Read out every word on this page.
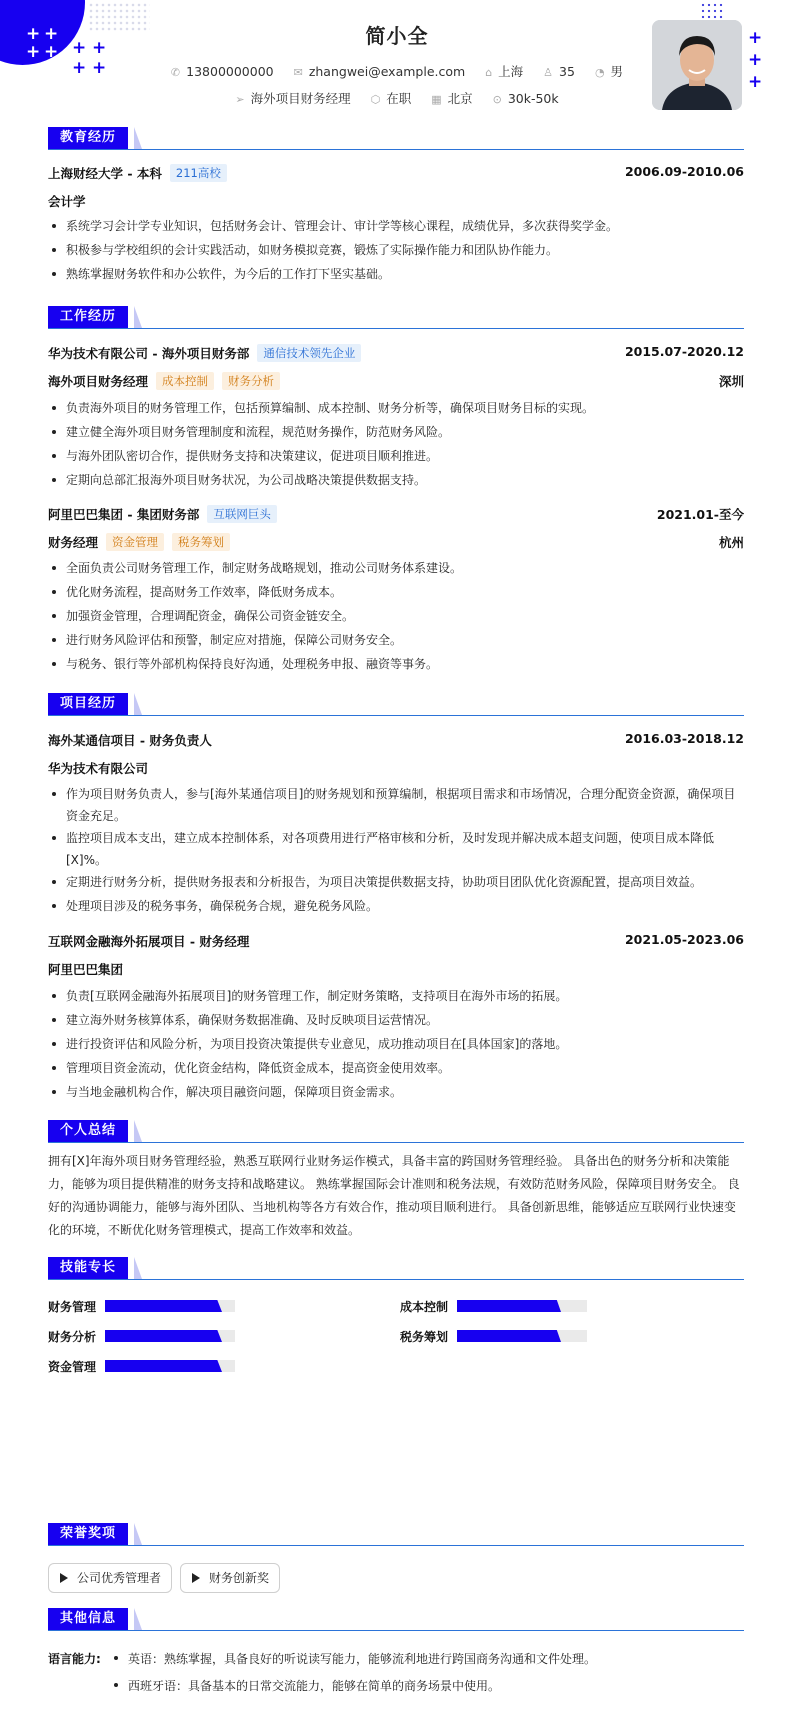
+ +
+ + + +
+ +
+
+
+
简小全
✆ 13800000000 ✉ zhangwei@example.com ⌂ 上海 ♙ 35 ◔ 男
➢ 海外项目财务经理 ⬡ 在职 ▦ 北京 ⊙ 30k-50k
教育经历
上海财经大学 - 本科 211高校	2006.09-2010.06
会计学
系统学习会计学专业知识，包括财务会计、管理会计、审计学等核心课程，成绩优异，多次获得奖学金。
积极参与学校组织的会计实践活动，如财务模拟竞赛，锻炼了实际操作能力和团队协作能力。
熟练掌握财务软件和办公软件，为今后的工作打下坚实基础。
工作经历
华为技术有限公司 - 海外项目财务部 通信技术领先企业	2015.07-2020.12
海外项目财务经理 成本控制 财务分析	深圳
负责海外项目的财务管理工作，包括预算编制、成本控制、财务分析等，确保项目财务目标的实现。
建立健全海外项目财务管理制度和流程，规范财务操作，防范财务风险。
与海外团队密切合作，提供财务支持和决策建议，促进项目顺利推进。
定期向总部汇报海外项目财务状况，为公司战略决策提供数据支持。
阿里巴巴集团 - 集团财务部 互联网巨头	2021.01-至今
财务经理 资金管理 税务筹划	杭州
全面负责公司财务管理工作，制定财务战略规划，推动公司财务体系建设。
优化财务流程，提高财务工作效率，降低财务成本。
加强资金管理，合理调配资金，确保公司资金链安全。
进行财务风险评估和预警，制定应对措施，保障公司财务安全。
与税务、银行等外部机构保持良好沟通，处理税务申报、融资等事务。
项目经历
海外某通信项目 - 财务负责人	2016.03-2018.12
华为技术有限公司
作为项目财务负责人，参与[海外某通信项目]的财务规划和预算编制，根据项目需求和市场情况，合理分配资金资源，确保项目资金充足。
监控项目成本支出，建立成本控制体系，对各项费用进行严格审核和分析，及时发现并解决成本超支问题，使项目成本降低[X]%。
定期进行财务分析，提供财务报表和分析报告，为项目决策提供数据支持，协助项目团队优化资源配置，提高项目效益。
处理项目涉及的税务事务，确保税务合规，避免税务风险。
互联网金融海外拓展项目 - 财务经理	2021.05-2023.06
阿里巴巴集团
负责[互联网金融海外拓展项目]的财务管理工作，制定财务策略，支持项目在海外市场的拓展。
建立海外财务核算体系，确保财务数据准确、及时反映项目运营情况。
进行投资评估和风险分析，为项目投资决策提供专业意见，成功推动项目在[具体国家]的落地。
管理项目资金流动，优化资金结构，降低资金成本，提高资金使用效率。
与当地金融机构合作，解决项目融资问题，保障项目资金需求。
个人总结
拥有[X]年海外项目财务管理经验，熟悉互联网行业财务运作模式，具备丰富的跨国财务管理经验。 具备出色的财务分析和决策能力，能够为项目提供精准的财务支持和战略建议。 熟练掌握国际会计准则和税务法规，有效防范财务风险，保障项目财务安全。 良好的沟通协调能力，能够与海外团队、当地机构等各方有效合作，推动项目顺利进行。 具备创新思维，能够适应互联网行业快速变化的环境，不断优化财务管理模式，提高工作效率和效益。
技能专长
财务管理	成本控制
财务分析	税务筹划
资金管理
荣誉奖项
公司优秀管理者	财务创新奖
其他信息
语言能力:	英语：熟练掌握，具备良好的听说读写能力，能够流利地进行跨国商务沟通和文件处理。
西班牙语：具备基本的日常交流能力，能够在简单的商务场景中使用。
